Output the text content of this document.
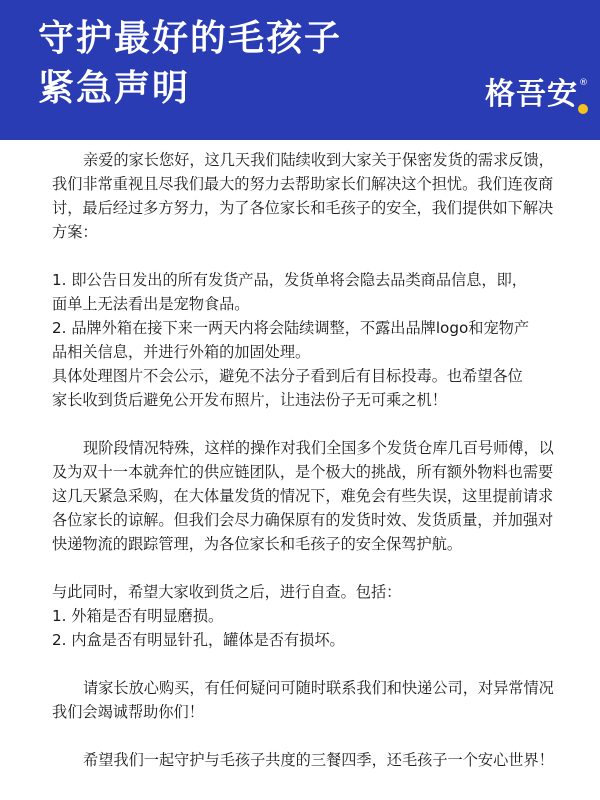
守护最好的毛孩子
紧急声明	格吾安 ®
亲爱的家长您好，这几天我们陆续收到大家关于保密发货的需求反馈，
我们非常重视且尽我们最大的努力去帮助家长们解决这个担忧。我们连夜商
讨，最后经过多方努力，为了各位家长和毛孩子的安全，我们提供如下解决
方案：
1. 即公告日发出的所有发货产品，发货单将会隐去品类商品信息，即，
面单上无法看出是宠物食品。
2. 品牌外箱在接下来一两天内将会陆续调整，不露出品牌logo和宠物产
品相关信息，并进行外箱的加固处理。
具体处理图片不会公示，避免不法分子看到后有目标投毒。也希望各位
家长收到货后避免公开发布照片，让违法份子无可乘之机！
现阶段情况特殊，这样的操作对我们全国多个发货仓库几百号师傅，以
及为双十一本就奔忙的供应链团队，是个极大的挑战，所有额外物料也需要
这几天紧急采购，在大体量发货的情况下，难免会有些失误，这里提前请求
各位家长的谅解。但我们会尽力确保原有的发货时效、发货质量，并加强对
快递物流的跟踪管理，为各位家长和毛孩子的安全保驾护航。
与此同时，希望大家收到货之后，进行自查。包括：
1. 外箱是否有明显磨损。
2. 内盒是否有明显针孔，罐体是否有损坏。
请家长放心购买，有任何疑问可随时联系我们和快递公司，对异常情况
我们会竭诚帮助你们！
希望我们一起守护与毛孩子共度的三餐四季，还毛孩子一个安心世界！
